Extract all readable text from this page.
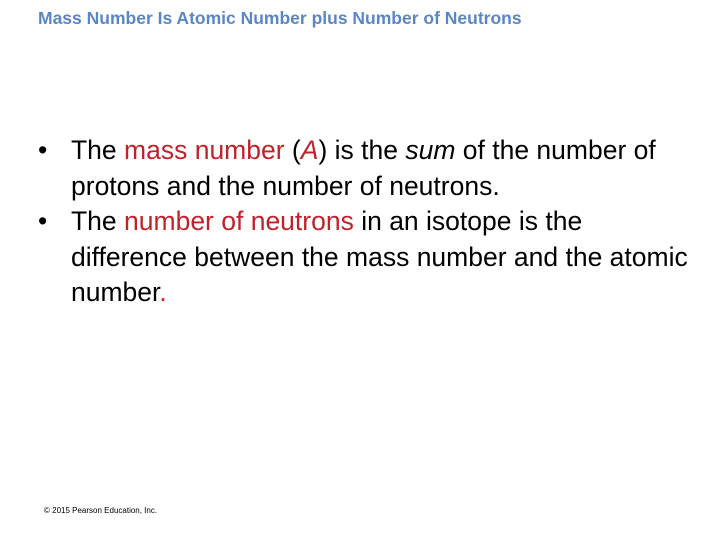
Mass Number Is Atomic Number plus Number of Neutrons
• The mass number (A) is the sum of the number of protons and the number of neutrons.
• The number of neutrons in an isotope is the difference between the mass number and the atomic number.
© 2015 Pearson Education, Inc.
